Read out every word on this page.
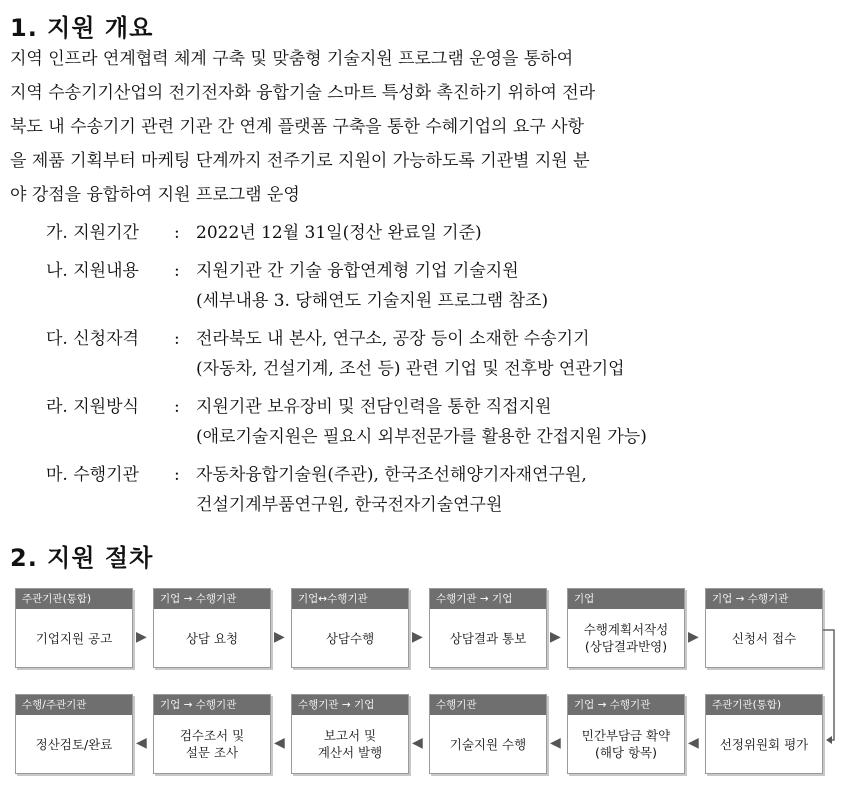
1. 지원 개요
지역 인프라 연계협력 체계 구축 및 맞춤형 기술지원 프로그램 운영을 통하여
지역 수송기기산업의 전기전자화 융합기술 스마트 특성화 촉진하기 위하여 전라
북도 내 수송기기 관련 기관 간 연계 플랫폼 구축을 통한 수혜기업의 요구 사항
을 제품 기획부터 마케팅 단계까지 전주기로 지원이 가능하도록 기관별 지원 분
야 강점을 융합하여 지원 프로그램 운영
가. 지원기간 : 2022년 12월 31일(정산 완료일 기준)
나. 지원내용 : 지원기관 간 기술 융합연계형 기업 기술지원
(세부내용 3. 당해연도 기술지원 프로그램 참조)
다. 신청자격 : 전라북도 내 본사, 연구소, 공장 등이 소재한 수송기기
(자동차, 건설기계, 조선 등) 관련 기업 및 전후방 연관기업
라. 지원방식 : 지원기관 보유장비 및 전담인력을 통한 직접지원
(애로기술지원은 필요시 외부전문가를 활용한 간접지원 가능)
마. 수행기관 : 자동차융합기술원(주관), 한국조선해양기자재연구원,
건설기계부품연구원, 한국전자기술연구원
2. 지원 절차
주관기관(통합)
기업지원 공고
기업 → 수행기관
상담 요청
기업↔수행기관
상담수행
수행기관 → 기업
상담결과 통보
기업
수행계획서작성
(상담결과반영)
기업 → 수행기관
신청서 접수
▶	▶	▶	▶	▶
수행/주관기관
정산검토/완료
기업 → 수행기관
검수조서 및
설문 조사
수행기관 → 기업
보고서 및
계산서 발행
수행기관
기술지원 수행
기업 → 수행기관
민간부담금 확약
(해당 항목)
주관기관(통합)
선정위원회 평가
◀	◀	◀	◀	◀
